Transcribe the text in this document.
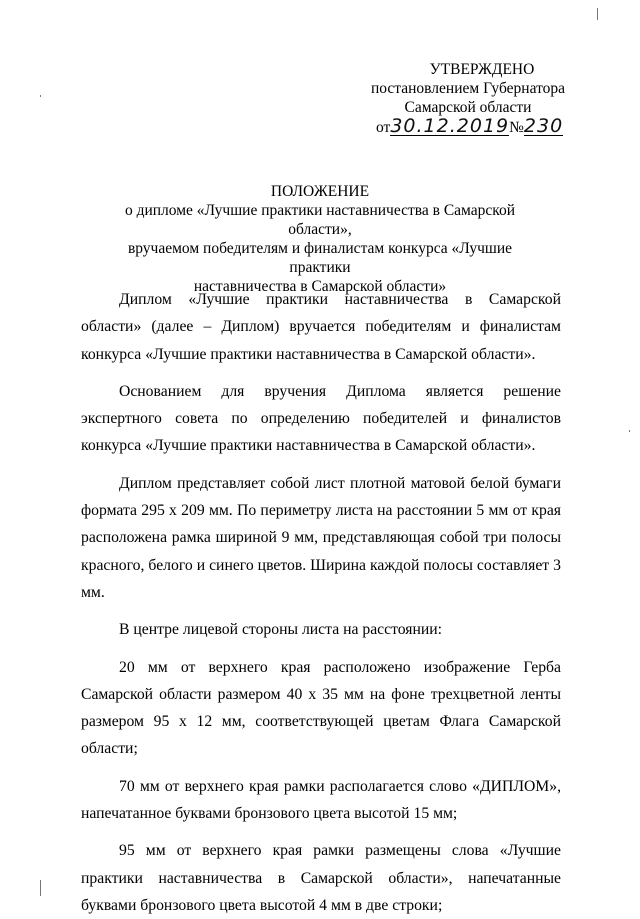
УТВЕРЖДЕНО
постановлением Губернатора
Самарской области
от30.12.2019№230
ПОЛОЖЕНИЕ
о дипломе «Лучшие практики наставничества в Самарской области»,
вручаемом победителям и финалистам конкурса «Лучшие практики
наставничества в Самарской области»

Диплом «Лучшие практики наставничества в Самарской области» (далее – Диплом) вручается победителям и финалистам конкурса «Лучшие практики наставничества в Самарской области».

Основанием для вручения Диплома является решение экспертного совета по определению победителей и финалистов конкурса «Лучшие практики наставничества в Самарской области».

Диплом представляет собой лист плотной матовой белой бумаги формата 295 х 209 мм. По периметру листа на расстоянии 5 мм от края расположена рамка шириной 9 мм, представляющая собой три полосы красного, белого и синего цветов. Ширина каждой полосы составляет 3 мм.

В центре лицевой стороны листа на расстоянии:

20 мм от верхнего края расположено изображение Герба Самарской области размером 40 х 35 мм на фоне трехцветной ленты размером 95 х 12 мм, соответствующей цветам Флага Самарской области;

70 мм от верхнего края рамки располагается слово «ДИПЛОМ», напечатанное буквами бронзового цвета высотой 15 мм;

95 мм от верхнего края рамки размещены слова «Лучшие практики наставничества в Самарской области», напечатанные буквами бронзового цвета высотой 4 мм в две строки;
